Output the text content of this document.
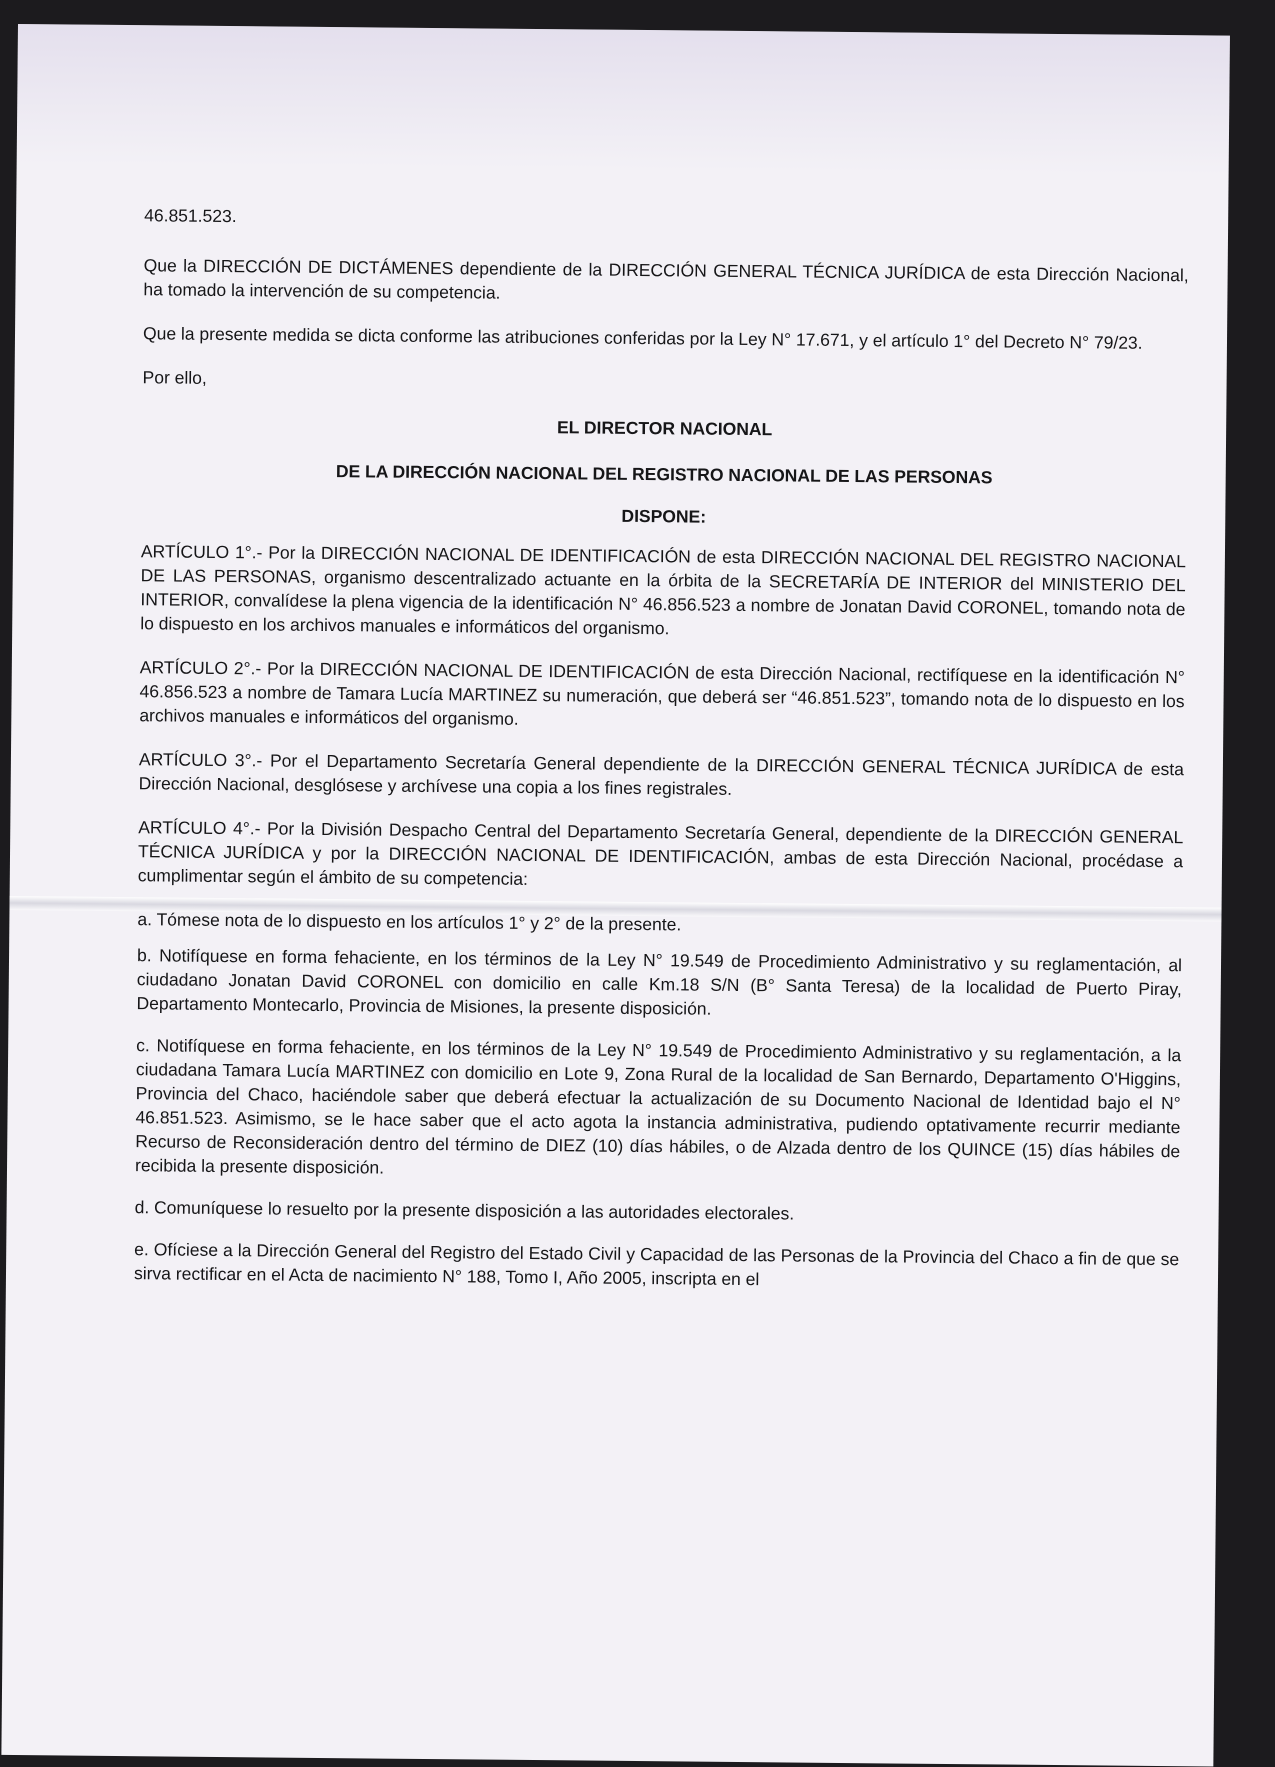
46.851.523.

Que la DIRECCIÓN DE DICTÁMENES dependiente de la DIRECCIÓN GENERAL TÉCNICA JURÍDICA de esta Dirección Nacional, ha tomado la intervención de su competencia.

Que la presente medida se dicta conforme las atribuciones conferidas por la Ley N° 17.671, y el artículo 1° del Decreto N° 79/23.

Por ello,

EL DIRECTOR NACIONAL

DE LA DIRECCIÓN NACIONAL DEL REGISTRO NACIONAL DE LAS PERSONAS

DISPONE:

ARTÍCULO 1°.- Por la DIRECCIÓN NACIONAL DE IDENTIFICACIÓN de esta DIRECCIÓN NACIONAL DEL REGISTRO NACIONAL DE LAS PERSONAS, organismo descentralizado actuante en la órbita de la SECRETARÍA DE INTERIOR del MINISTERIO DEL INTERIOR, convalídese la plena vigencia de la identificación N° 46.856.523 a nombre de Jonatan David CORONEL, tomando nota de lo dispuesto en los archivos manuales e informáticos del organismo.

ARTÍCULO 2°.- Por la DIRECCIÓN NACIONAL DE IDENTIFICACIÓN de esta Dirección Nacional, rectifíquese en la identificación N° 46.856.523 a nombre de Tamara Lucía MARTINEZ su numeración, que deberá ser “46.851.523”, tomando nota de lo dispuesto en los archivos manuales e informáticos del organismo.

ARTÍCULO 3°.- Por el Departamento Secretaría General dependiente de la DIRECCIÓN GENERAL TÉCNICA JURÍDICA de esta Dirección Nacional, desglósese y archívese una copia a los fines registrales.

ARTÍCULO 4°.- Por la División Despacho Central del Departamento Secretaría General, dependiente de la DIRECCIÓN GENERAL TÉCNICA JURÍDICA y por la DIRECCIÓN NACIONAL DE IDENTIFICACIÓN, ambas de esta Dirección Nacional, procédase a cumplimentar según el ámbito de su competencia:

a. Tómese nota de lo dispuesto en los artículos 1° y 2° de la presente.

b. Notifíquese en forma fehaciente, en los términos de la Ley N° 19.549 de Procedimiento Administrativo y su reglamentación, al ciudadano Jonatan David CORONEL con domicilio en calle Km.18 S/N (B° Santa Teresa) de la localidad de Puerto Piray, Departamento Montecarlo, Provincia de Misiones, la presente disposición.

c. Notifíquese en forma fehaciente, en los términos de la Ley N° 19.549 de Procedimiento Administrativo y su reglamentación, a la ciudadana Tamara Lucía MARTINEZ con domicilio en Lote 9, Zona Rural de la localidad de San Bernardo, Departamento O'Higgins, Provincia del Chaco, haciéndole saber que deberá efectuar la actualización de su Documento Nacional de Identidad bajo el N° 46.851.523. Asimismo, se le hace saber que el acto agota la instancia administrativa, pudiendo optativamente recurrir mediante Recurso de Reconsideración dentro del término de DIEZ (10) días hábiles, o de Alzada dentro de los QUINCE (15) días hábiles de recibida la presente disposición.

d. Comuníquese lo resuelto por la presente disposición a las autoridades electorales.

e. Ofíciese a la Dirección General del Registro del Estado Civil y Capacidad de las Personas de la Provincia del Chaco a fin de que se sirva rectificar en el Acta de nacimiento N° 188, Tomo I, Año 2005, inscripta en el
